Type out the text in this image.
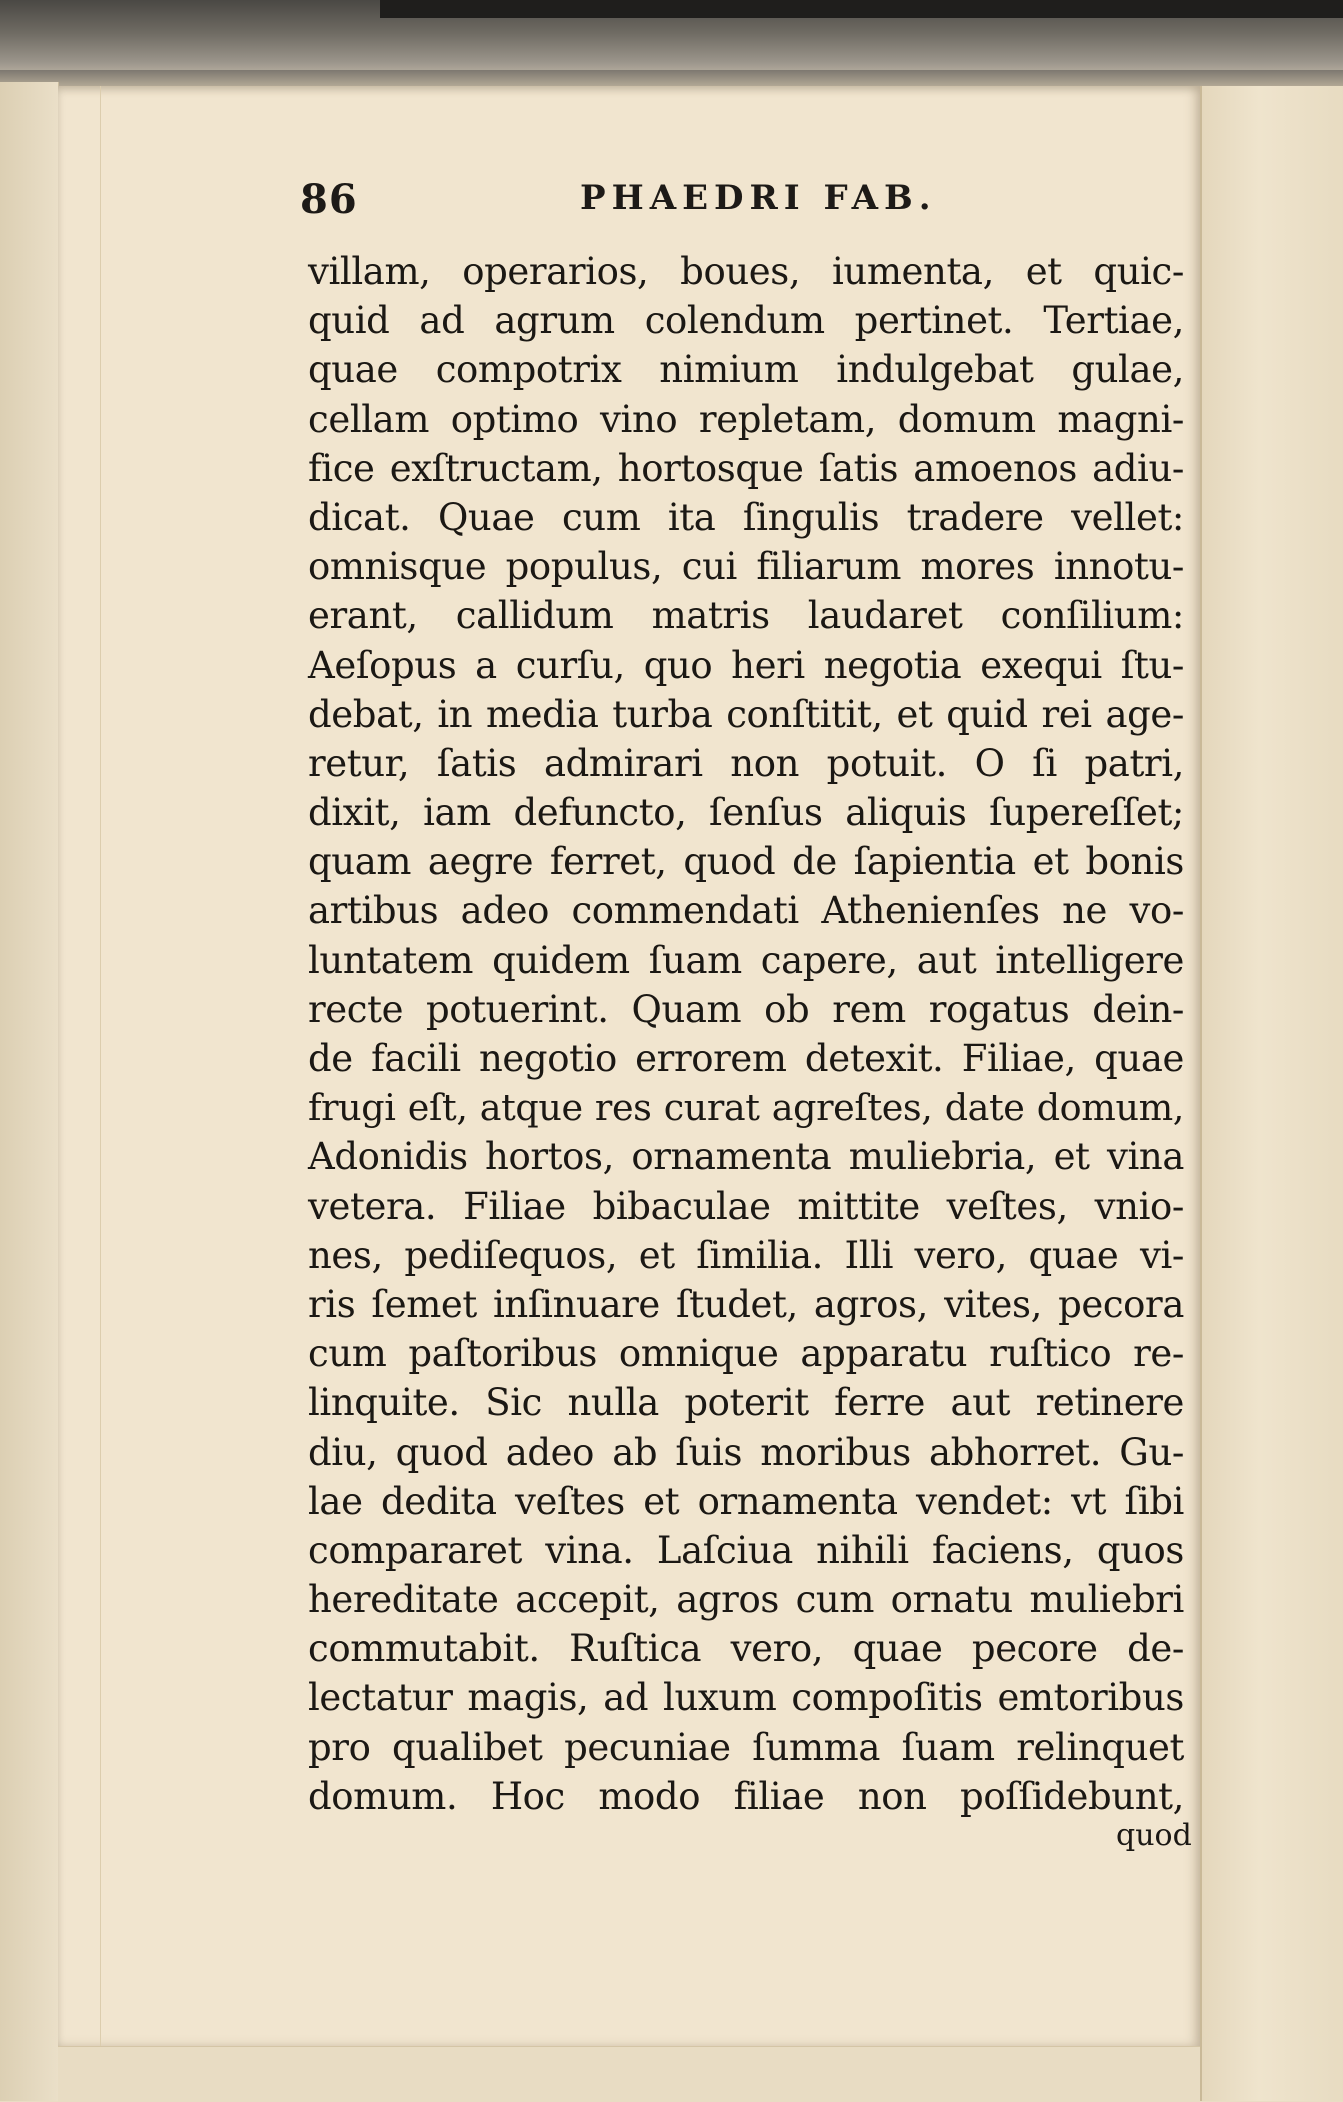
86	PHAEDRI FAB.
villam, operarios, boues, iumenta, et quic-
quid ad agrum colendum pertinet. Tertiae,
quae compotrix nimium indulgebat gulae,
cellam optimo vino repletam, domum magni-
fice exſtructam, hortosque ſatis amoenos adiu-
dicat. Quae cum ita ſingulis tradere vellet:
omnisque populus, cui filiarum mores innotu-
erant, callidum matris laudaret conſilium:
Aeſopus a curſu, quo heri negotia exequi ſtu-
debat, in media turba conſtitit, et quid rei age-
retur, ſatis admirari non potuit. O ſi patri,
dixit, iam defuncto, ſenſus aliquis ſupereſſet;
quam aegre ferret, quod de ſapientia et bonis
artibus adeo commendati Athenienſes ne vo-
luntatem quidem ſuam capere, aut intelligere
recte potuerint. Quam ob rem rogatus dein-
de facili negotio errorem detexit. Filiae, quae
frugi eſt, atque res curat agreſtes, date domum,
Adonidis hortos, ornamenta muliebria, et vina
vetera. Filiae bibaculae mittite veſtes, vnio-
nes, pediſequos, et ſimilia. Illi vero, quae vi-
ris ſemet inſinuare ſtudet, agros, vites, pecora
cum paſtoribus omnique apparatu ruſtico re-
linquite. Sic nulla poterit ferre aut retinere
diu, quod adeo ab ſuis moribus abhorret. Gu-
lae dedita veſtes et ornamenta vendet: vt ſibi
compararet vina. Laſciua nihili faciens, quos
hereditate accepit, agros cum ornatu muliebri
commutabit. Ruſtica vero, quae pecore de-
lectatur magis, ad luxum compoſitis emtoribus
pro qualibet pecuniae ſumma ſuam relinquet
domum. Hoc modo filiae non poſſidebunt,
quod
